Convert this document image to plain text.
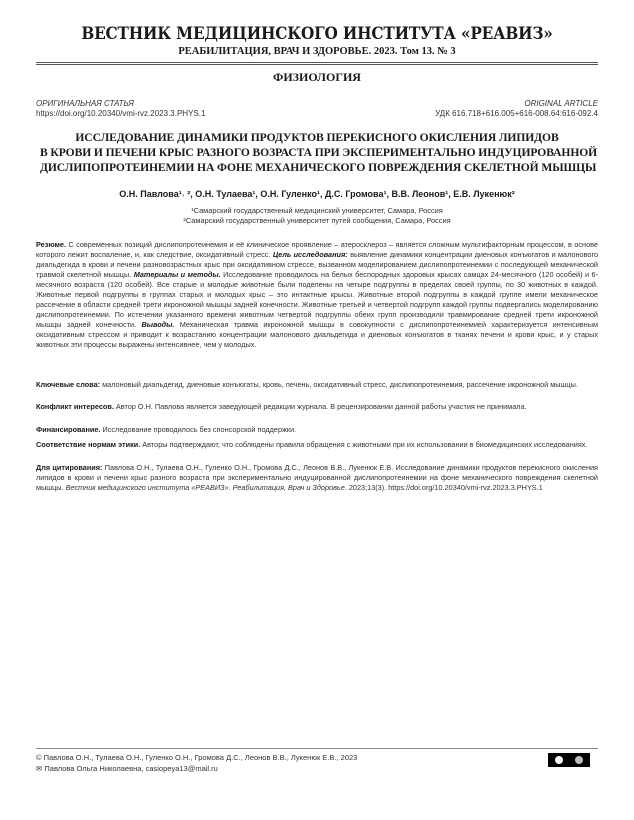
ВЕСТНИК МЕДИЦИНСКОГО ИНСТИТУТА «РЕАВИЗ»
РЕАБИЛИТАЦИЯ, ВРАЧ И ЗДОРОВЬЕ. 2023. Том 13. № 3
ФИЗИОЛОГИЯ
ОРИГИНАЛЬНАЯ СТАТЬЯ
https://doi.org/10.20340/vmi-rvz.2023.3.PHYS.1
ORIGINAL ARTICLE
УДК 616.718+616.005+616-008.64:616-092.4
ИССЛЕДОВАНИЕ ДИНАМИКИ ПРОДУКТОВ ПЕРЕКИСНОГО ОКИСЛЕНИЯ ЛИПИДОВ
В КРОВИ И ПЕЧЕНИ КРЫС РАЗНОГО ВОЗРАСТА ПРИ ЭКСПЕРИМЕНТАЛЬНО ИНДУЦИРОВАННОЙ
ДИСЛИПОПРОТЕИНЕМИИ НА ФОНЕ МЕХАНИЧЕСКОГО ПОВРЕЖДЕНИЯ СКЕЛЕТНОЙ МЫШЦЫ
О.Н. Павлова¹˒ ², О.Н. Тулаева¹, О.Н. Гуленко¹, Д.С. Громова¹, В.В. Леонов¹, Е.В. Лукенюк²
¹Самарский государственный медицинский университет, Самара, Россия
²Самарский государственный университет путей сообщения, Самара, Россия
Резюме. С современных позиций дислипопротеинемия и её клиническое проявление – атеросклероз – является сложным мультифакторным процессом, в основе которого лежит воспаление, и, как следствие, оксидативный стресс. Цель исследования: выявление динамики концентрации диеновых конъюгатов и малонового диальдегида в крови и печени разновозрастных крыс при оксидативном стрессе, вызванном моделированием дислипопротеинемии с последующей механической травмой скелетной мышцы. Материалы и методы. Исследование проводилось на белых беспородных здоровых крысах самцах 24-месячного (120 особей) и 6-месячного возраста (120 особей). Все старые и молодые животные были поделены на четыре подгруппы в пределах своей группы, по 30 животных в каждой. Животные первой подгруппы в группах старых и молодых крыс – это интактные крысы. Животные второй подгруппы в каждой группе имели механическое рассечение в области средней трети икроножной мышцы задней конечности. Животные третьей и четвертой подгрупп каждой группы подвергались моделированию дислипопротеинемии. По истечении указанного времени животным четвертой подгруппы обеих групп производили травмирование средней трети икроножной мышцы задней конечности. Выводы. Механическая травма икроножной мышцы в совокупности с дислипопротеинемией характеризуется интенсивным оксидативным стрессом и приводит к возрастанию концентрации малонового диальдегида и диеновых конъюгатов в тканях печени и крови крыс, и у старых животных эти процессы выражены интенсивнее, чем у молодых.
Ключевые слова: малоновый диальдегид, диеновые конъюгаты, кровь, печень, оксидативный стресс, дислипопротеинемия, рассечение икроножной мышцы.
Конфликт интересов. Автор О.Н. Павлова является заведующей редакции журнала. В рецензировании данной работы участия не принимала.
Финансирование. Исследование проводилось без спонсорской поддержки.
Соответствие нормам этики. Авторы подтверждают, что соблюдены правила обращения с животными при их использовании в биомедицинских исследованиях.
Для цитирования: Павлова О.Н., Тулаева О.Н., Гуленко О.Н., Громова Д.С., Леонов В.В., Лукенюк Е.В. Исследование динамики продуктов перекисного окисления липидов в крови и печени крыс разного возраста при экспериментально индуцированной дислипопротеинемии на фоне механического повреждения скелетной мышцы. Вестник медицинского института «РЕАВИЗ». Реабилитация, Врач и Здоровье. 2023;13(3). https://doi.org/10.20340/vmi-rvz.2023.3.PHYS.1
© Павлова О.Н., Тулаева О.Н., Гуленко О.Н., Громова Д.С., Леонов В.В., Лукенюк Е.В., 2023
✉ Павлова Ольга Николаевна, casiopeya13@mail.ru
